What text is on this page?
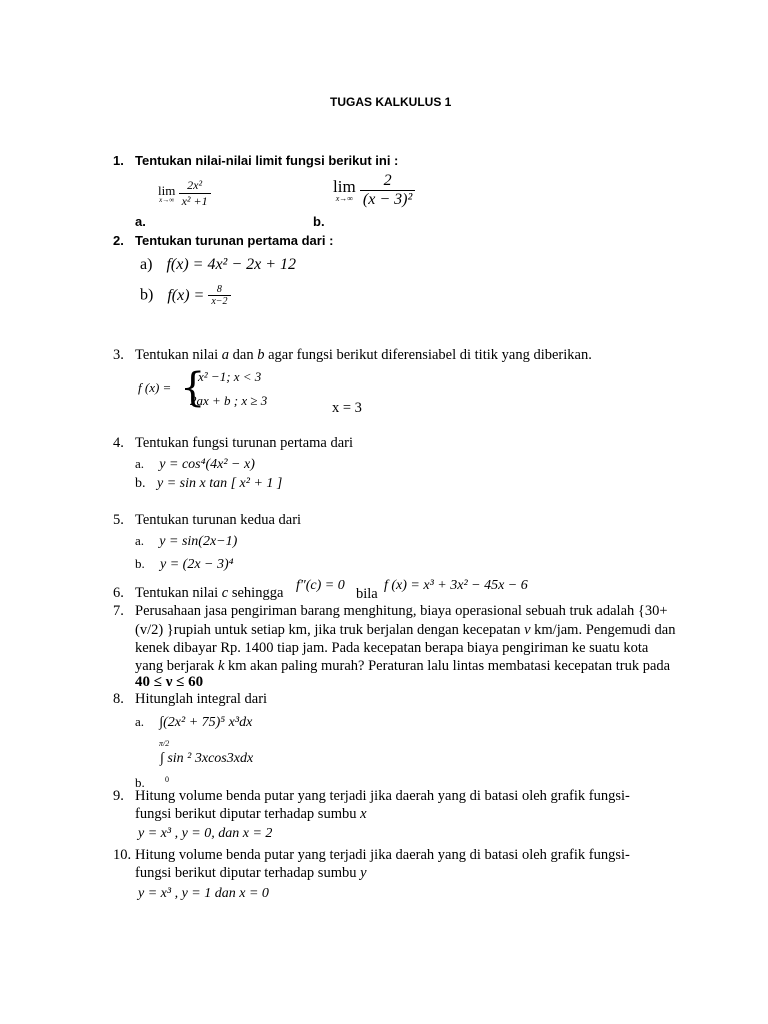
TUGAS KALKULUS 1
1. Tentukan nilai-nilai limit fungsi berikut ini :
lim
x→∞
$\frac{\text{2x²}}{\text{x² +1}}$
a.
lim
x→∞
$\frac{2}{\text{(x − 3)²}}$
b.
2. Tentukan turunan pertama dari :
a) f(x) = 4x² − 2x + 12
b) $f(x) = \frac{8}{x-2}$
3. Tentukan nilai a dan b agar fungsi berikut diferensiabel di titik yang diberikan.
f (x) = {
x² −1; x < 3
2ax + b ; x ≥ 3	x = 3
4. Tentukan fungsi turunan pertama dari
a. y = cos⁴(4x² − x)
b. y = sin x tan [ x² + 1 ]
5. Tentukan turunan kedua dari
a. y = sin(2x−1)
b. y = (2x − 3)⁴
6. Tentukan nilai c sehingga f″(c) = 0
bila
f (x) = x³ + 3x² − 45x − 6
7. Perusahaan jasa pengiriman barang menghitung, biaya operasional sebuah truk adalah {30+
(v/2) }rupiah untuk setiap km, jika truk berjalan dengan kecepatan v km/jam. Pengemudi dan
kenek dibayar Rp. 1400 tiap jam. Pada kecepatan berapa biaya pengiriman ke suatu kota
yang berjarak k km akan paling murah? Peraturan lalu lintas membatasi kecepatan truk pada
40 ≤ ν ≤ 60
8. Hitunglah integral dari
a. ∫(2x² + 75)⁵ x³dx
π/2
∫ sin ² 3xcos3xdx
0
b.
9. Hitung volume benda putar yang terjadi jika daerah yang di batasi oleh grafik fungsi-
fungsi berikut diputar terhadap sumbu x
y = x³ , y = 0, dan x = 2
10. Hitung volume benda putar yang terjadi jika daerah yang di batasi oleh grafik fungsi-
fungsi berikut diputar terhadap sumbu y
y = x³ , y = 1 dan x = 0
